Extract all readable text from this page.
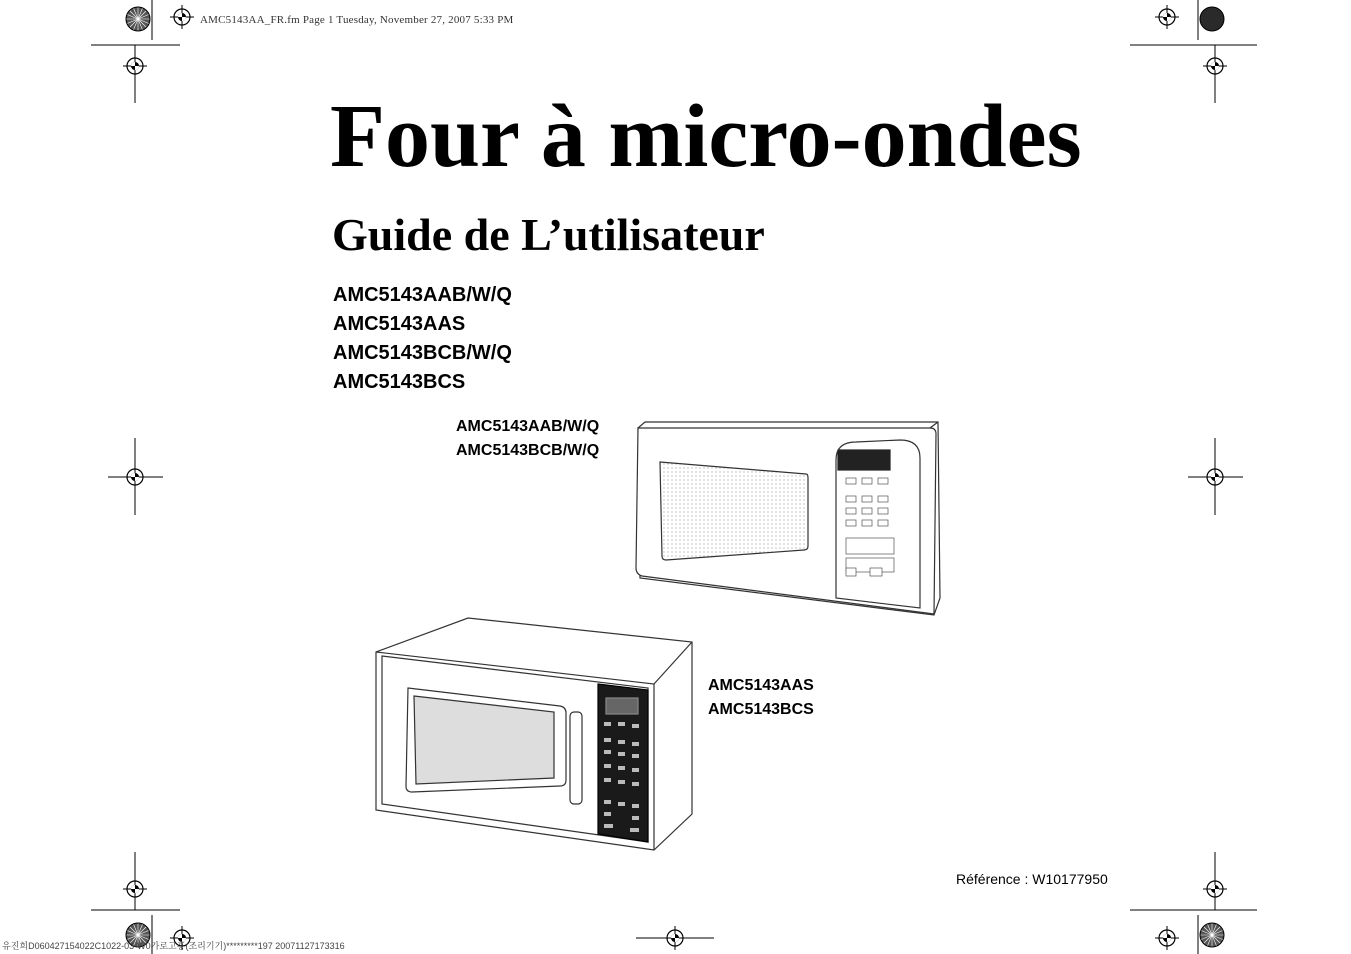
AMC5143AA_FR.fm Page 1 Tuesday, November 27, 2007 5:33 PM
Four à micro-ondes
Guide de L’utilisateur
AMC5143AAB/W/Q
AMC5143AAS
AMC5143BCB/W/Q
AMC5143BCS
AMC5143AAB/W/Q
AMC5143BCB/W/Q
AMC5143AAS
AMC5143BCS
Référence : W10177950
유진희D060427154022C1022-03-W0가로고흥(조리기기)*********197 20071127173316
